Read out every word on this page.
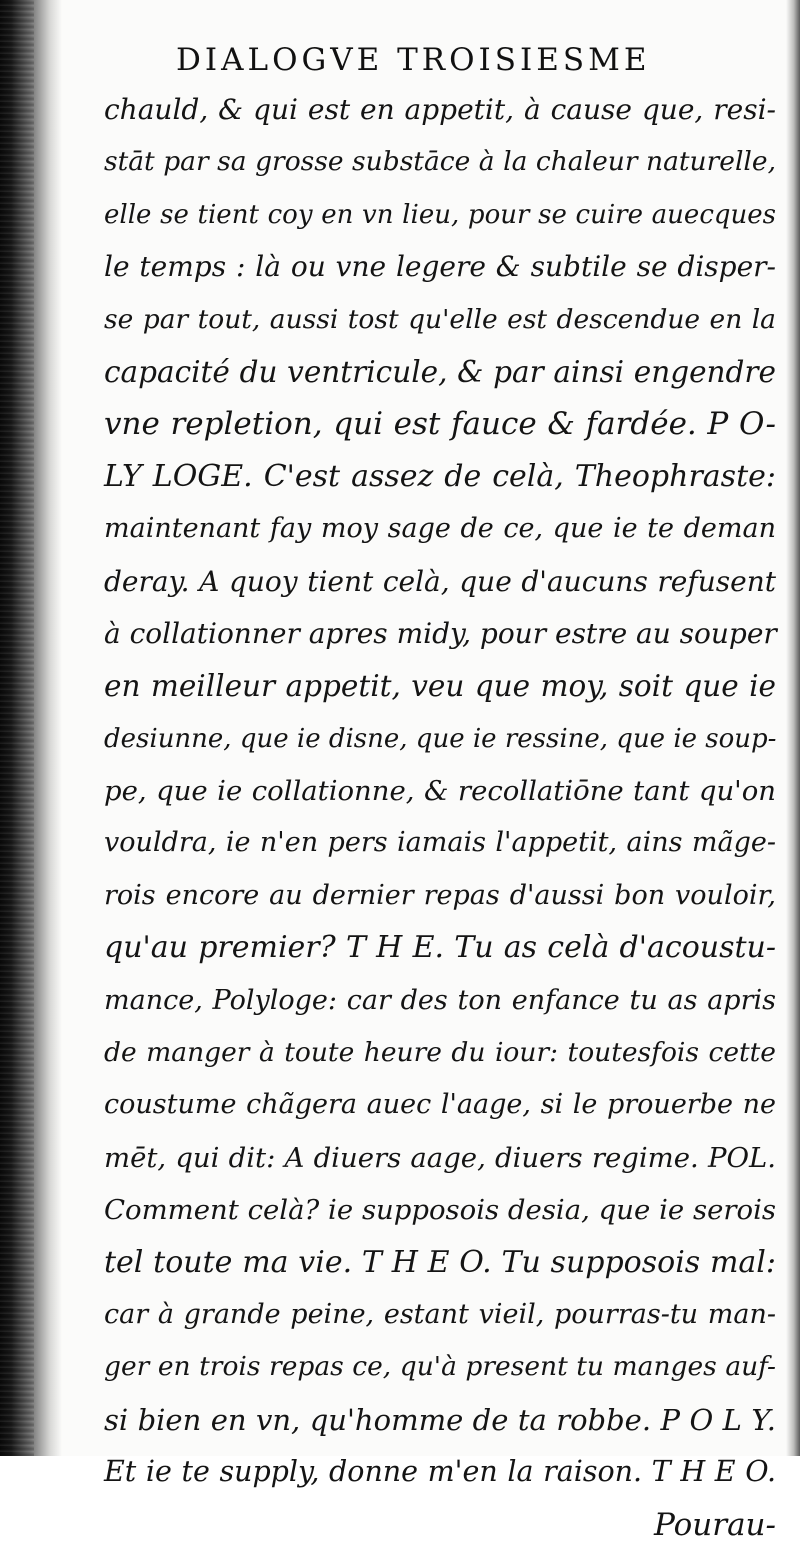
DIALOGVE TROISIESME
chauld, & qui est en appetit, à cause que, resi-
stāt par sa grosse substāce à la chaleur naturelle,
elle se tient coy en vn lieu, pour se cuire auecques
le temps : là ou vne legere & subtile se disper-
se par tout, aussi tost qu'elle est descendue en la
capacité du ventricule, & par ainsi engendre
vne repletion, qui est fauce & fardée. P O-
LY LOGE. C'est assez de celà, Theophraste:
maintenant fay moy sage de ce, que ie te deman
deray. A quoy tient celà, que d'aucuns refusent
à collationner apres midy, pour estre au souper
en meilleur appetit, veu que moy, soit que ie
desiunne, que ie disne, que ie ressine, que ie soup-
pe, que ie collationne, & recollatiōne tant qu'on
vouldra, ie n'en pers iamais l'appetit, ains mãge-
rois encore au dernier repas d'aussi bon vouloir,
qu'au premier? T H E. Tu as celà d'acoustu-
mance, Polyloge: car des ton enfance tu as apris
de manger à toute heure du iour: toutesfois cette
coustume chãgera auec l'aage, si le prouerbe ne
mēt, qui dit: A diuers aage, diuers regime. POL.
Comment celà? ie supposois desia, que ie serois
tel toute ma vie. T H E O. Tu supposois mal:
car à grande peine, estant vieil, pourras-tu man-
ger en trois repas ce, qu'à present tu manges auf-
si bien en vn, qu'homme de ta robbe. P O L Y.
Et ie te supply, donne m'en la raison. T H E O.
Pourau-
